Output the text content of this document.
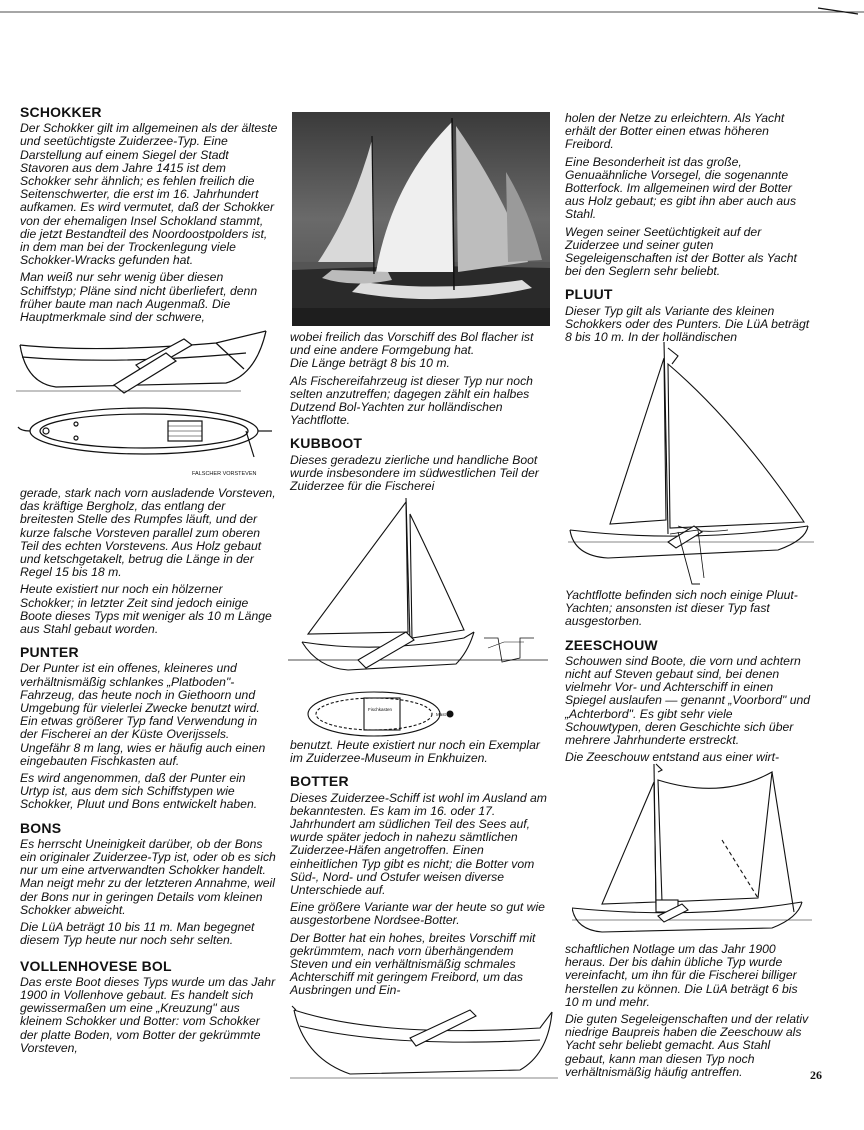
SCHOKKER

Der Schokker gilt im allgemeinen als der älteste und seetüchtigste Zuiderzee-Typ. Eine Darstellung auf einem Siegel der Stadt Stavoren aus dem Jahre 1415 ist dem Schokker sehr ähnlich; es fehlen freilich die Seitenschwerter, die erst im 16. Jahrhundert aufkamen. Es wird vermutet, daß der Schokker von der ehemaligen Insel Schokland stammt, die jetzt Bestandteil des Noordoostpolders ist, in dem man bei der Trockenlegung viele Schokker-Wracks gefunden hat.

Man weiß nur sehr wenig über diesen Schiffstyp; Pläne sind nicht überliefert, denn früher baute man nach Augenmaß. Die Hauptmerkmale sind der schwere,

FALSCHER VORSTEVEN

gerade, stark nach vorn ausladende Vorsteven, das kräftige Bergholz, das entlang der breitesten Stelle des Rumpfes läuft, und der kurze falsche Vorsteven parallel zum oberen Teil des echten Vorstevens. Aus Holz gebaut und ketschgetakelt, betrug die Länge in der Regel 15 bis 18 m.

Heute existiert nur noch ein hölzerner Schokker; in letzter Zeit sind jedoch einige Boote dieses Typs mit weniger als 10 m Länge aus Stahl gebaut worden.

PUNTER

Der Punter ist ein offenes, kleineres und verhältnismäßig schlankes „Platboden"-Fahrzeug, das heute noch in Giethoorn und Umgebung für vielerlei Zwecke benutzt wird. Ein etwas größerer Typ fand Verwendung in der Fischerei an der Küste Overijssels. Ungefähr 8 m lang, wies er häufig auch einen eingebauten Fischkasten auf.

Es wird angenommen, daß der Punter ein Urtyp ist, aus dem sich Schiffstypen wie Schokker, Pluut und Bons entwickelt haben.

BONS

Es herrscht Uneinigkeit darüber, ob der Bons ein originaler Zuiderzee-Typ ist, oder ob es sich nur um eine artverwandten Schokker handelt. Man neigt mehr zu der letzteren Annahme, weil der Bons nur in geringen Details vom kleinen Schokker abweicht.

Die LüA beträgt 10 bis 11 m. Man begegnet diesem Typ heute nur noch sehr selten.

VOLLENHOVESE BOL

Das erste Boot dieses Typs wurde um das Jahr 1900 in Vollenhove gebaut. Es handelt sich gewissermaßen um eine „Kreuzung" aus kleinem Schokker und Botter: vom Schokker der platte Boden, vom Botter der gekrümmte Vorsteven,

wobei freilich das Vorschiff des Bol flacher ist und eine andere Formgebung hat.

Die Länge beträgt 8 bis 10 m.

Als Fischereifahrzeug ist dieser Typ nur noch selten anzutreffen; dagegen zählt ein halbes Dutzend Bol-Yachten zur holländischen Yachtflotte.

KUBBOOT

Dieses geradezu zierliche und handliche Boot wurde insbesondere im südwestlichen Teil der Zuiderzee für die Fischerei

Fischkasten
Mast

benutzt. Heute existiert nur noch ein Exemplar im Zuiderzee-Museum in Enkhuizen.

BOTTER

Dieses Zuiderzee-Schiff ist wohl im Ausland am bekanntesten. Es kam im 16. oder 17. Jahrhundert am südlichen Teil des Sees auf, wurde später jedoch in nahezu sämtlichen Zuiderzee-Häfen angetroffen. Einen einheitlichen Typ gibt es nicht; die Botter vom Süd-, Nord- und Ostufer weisen diverse Unterschiede auf.

Eine größere Variante war der heute so gut wie ausgestorbene Nordsee-Botter.

Der Botter hat ein hohes, breites Vorschiff mit gekrümmtem, nach vorn überhängendem Steven und ein verhältnismäßig schmales Achterschiff mit geringem Freibord, um das Ausbringen und Ein-

holen der Netze zu erleichtern. Als Yacht erhält der Botter einen etwas höheren Freibord.

Eine Besonderheit ist das große, Genuaähnliche Vorsegel, die sogenannte Botterfock. Im allgemeinen wird der Botter aus Holz gebaut; es gibt ihn aber auch aus Stahl.

Wegen seiner Seetüchtigkeit auf der Zuiderzee und seiner guten Segeleigenschaften ist der Botter als Yacht bei den Seglern sehr beliebt.

PLUUT

Dieser Typ gilt als Variante des kleinen Schokkers oder des Punters. Die LüA beträgt 8 bis 10 m. In der holländischen

Yachtflotte befinden sich noch einige Pluut-Yachten; ansonsten ist dieser Typ fast ausgestorben.

ZEESCHOUW

Schouwen sind Boote, die vorn und achtern nicht auf Steven gebaut sind, bei denen vielmehr Vor- und Achterschiff in einen Spiegel auslaufen — genannt „Voorbord" und „Achterbord". Es gibt sehr viele Schouwtypen, deren Geschichte sich über mehrere Jahrhunderte erstreckt.

Die Zeeschouw entstand aus einer wirt-

schaftlichen Notlage um das Jahr 1900 heraus. Der bis dahin übliche Typ wurde vereinfacht, um ihn für die Fischerei billiger herstellen zu können. Die LüA beträgt 6 bis 10 m und mehr.

Die guten Segeleigenschaften und der relativ niedrige Baupreis haben die Zeeschouw als Yacht sehr beliebt gemacht. Aus Stahl gebaut, kann man diesen Typ noch verhältnismäßig häufig antreffen.	26
